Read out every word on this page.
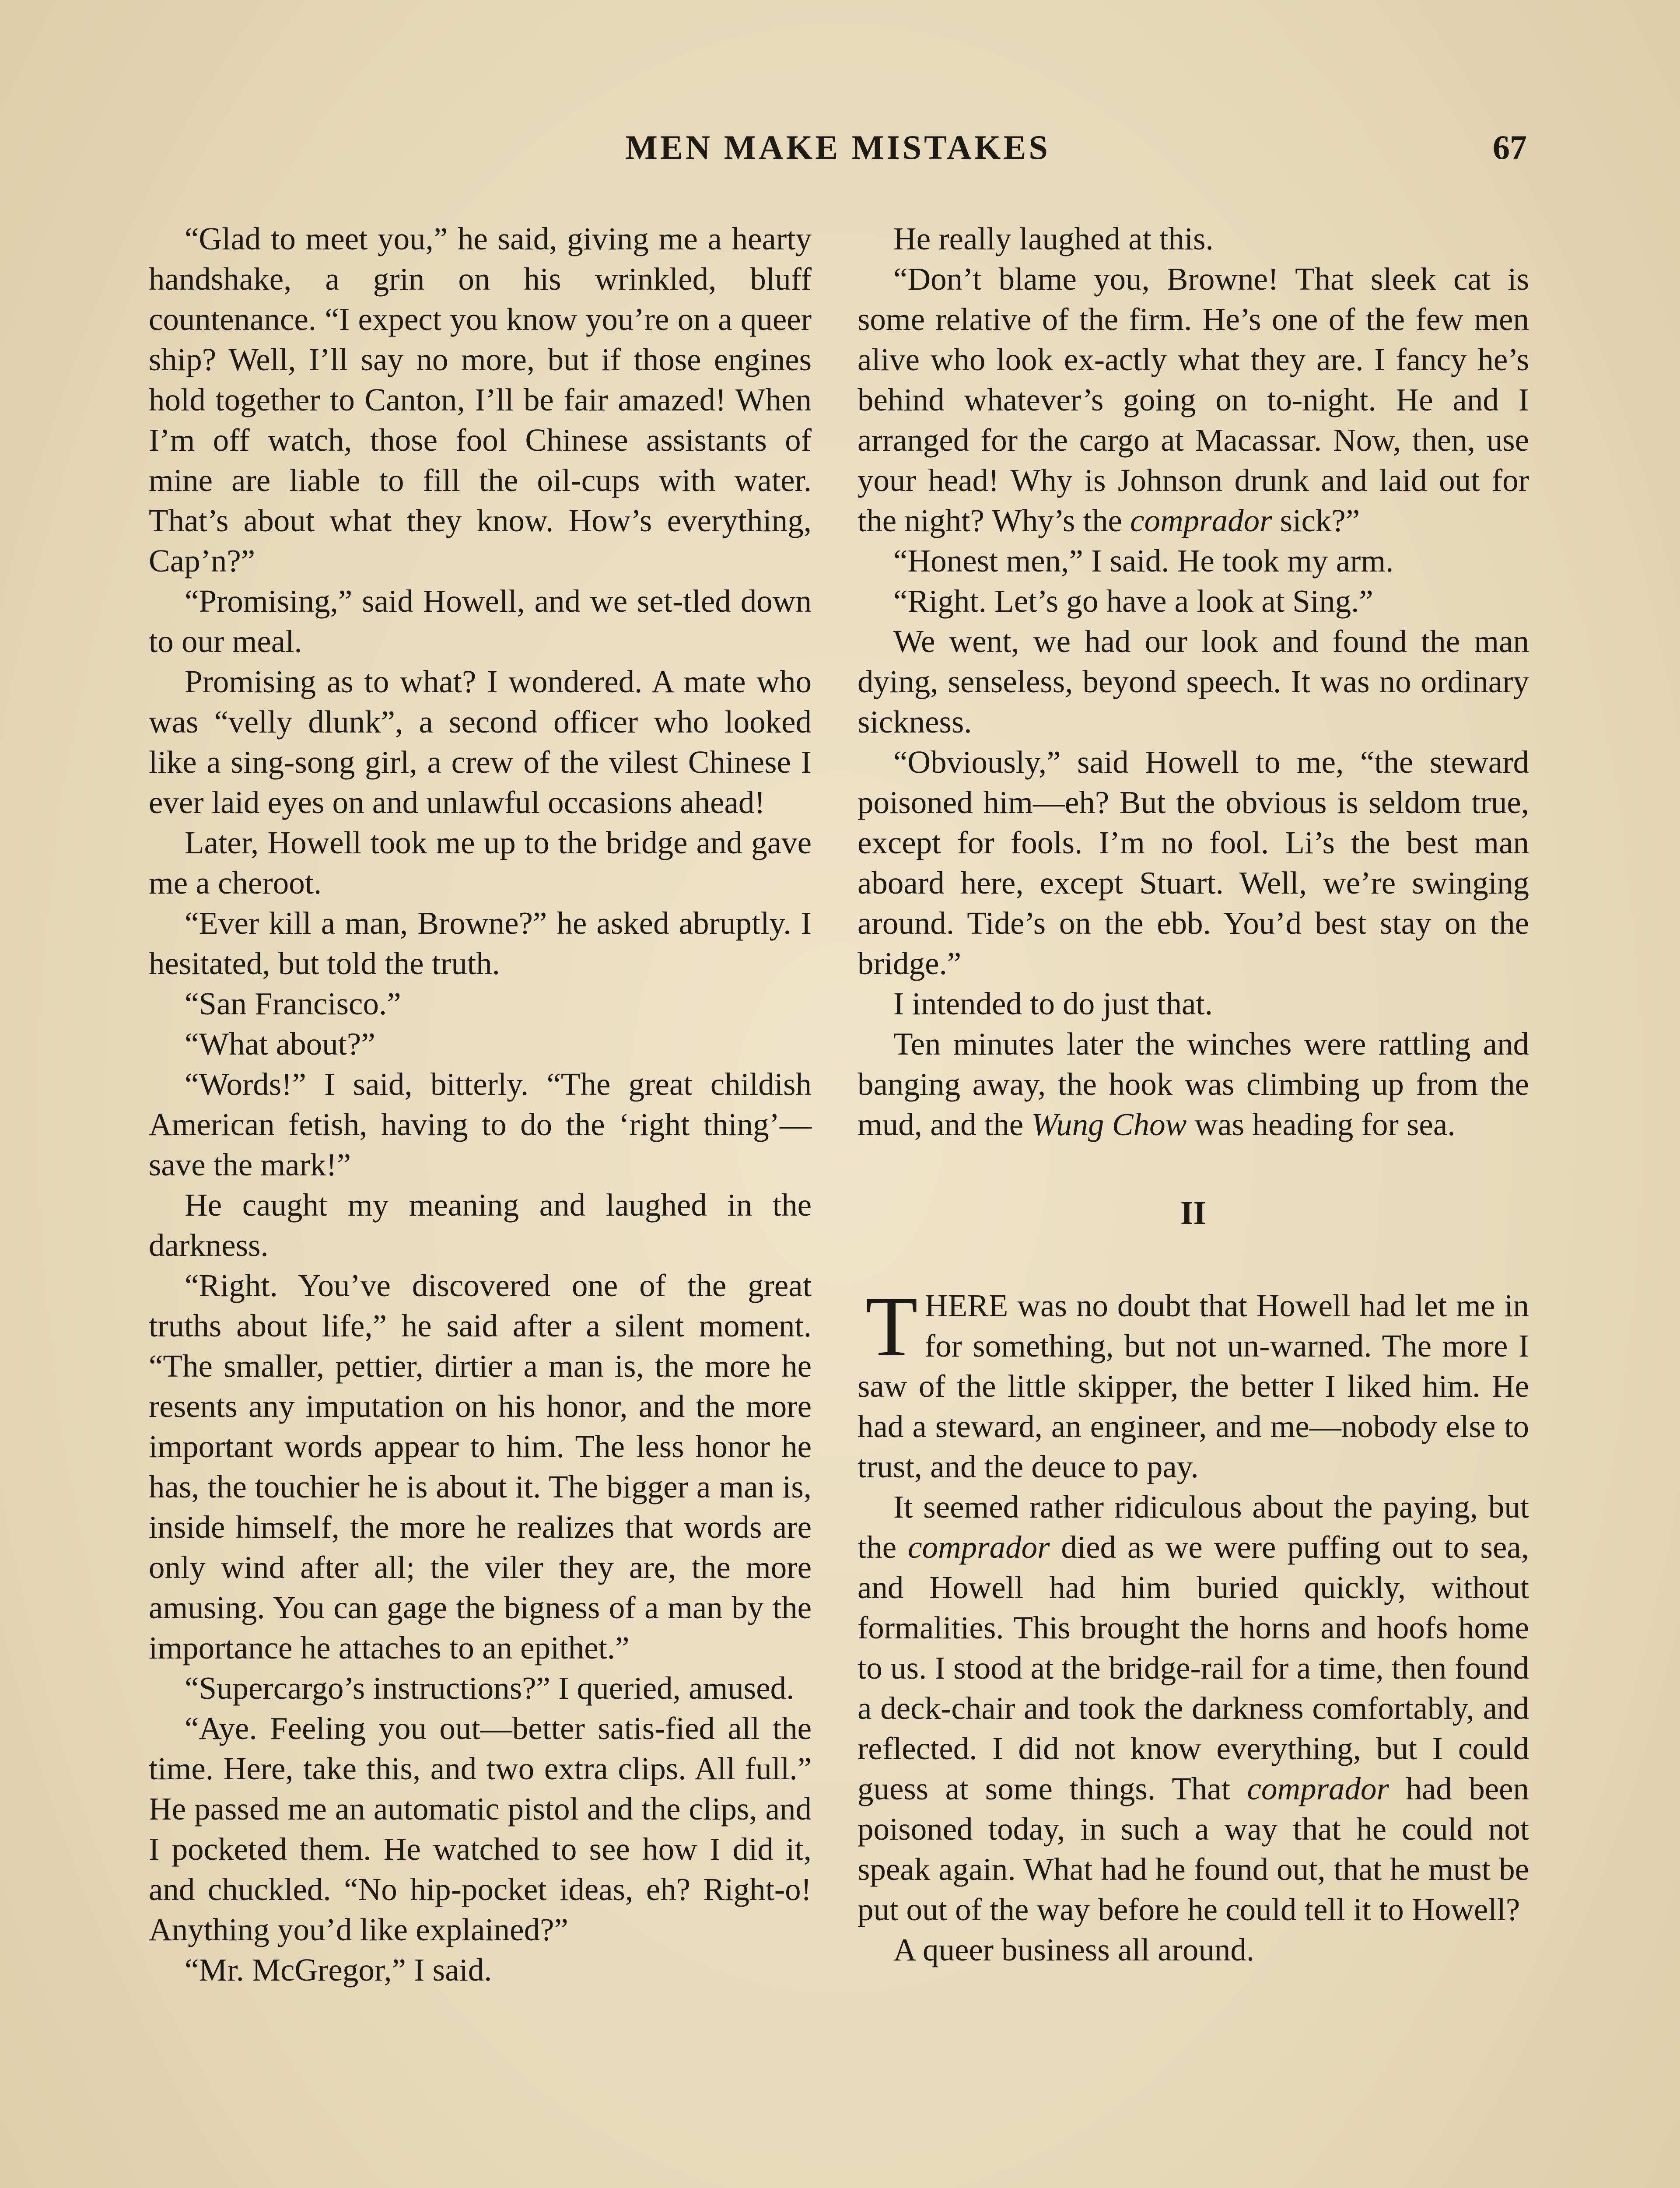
MEN MAKE MISTAKES	67

“Glad to meet you,” he said, giving me a hearty handshake, a grin on his wrinkled, bluff countenance. “I expect you know you’re on a queer ship? Well, I’ll say no more, but if those engines hold together to Canton, I’ll be fair amazed! When I’m off watch, those fool Chinese assistants of mine are liable to fill the oil-cups with water. That’s about what they know. How’s everything, Cap’n?”

“Promising,” said Howell, and we set-tled down to our meal.

Promising as to what? I wondered. A mate who was “velly dlunk”, a second officer who looked like a sing-song girl, a crew of the vilest Chinese I ever laid eyes on and unlawful occasions ahead!

Later, Howell took me up to the bridge and gave me a cheroot.

“Ever kill a man, Browne?” he asked abruptly. I hesitated, but told the truth.

“San Francisco.”

“What about?”

“Words!” I said, bitterly. “The great childish American fetish, having to do the ‘right thing’—save the mark!”

He caught my meaning and laughed in the darkness.

“Right. You’ve discovered one of the great truths about life,” he said after a silent moment. “The smaller, pettier, dirtier a man is, the more he resents any imputation on his honor, and the more important words appear to him. The less honor he has, the touchier he is about it. The bigger a man is, inside himself, the more he realizes that words are only wind after all; the viler they are, the more amusing. You can gage the bigness of a man by the importance he attaches to an epithet.”

“Supercargo’s instructions?” I queried, amused.

“Aye. Feeling you out—better satis-fied all the time. Here, take this, and two extra clips. All full.” He passed me an automatic pistol and the clips, and I pocketed them. He watched to see how I did it, and chuckled. “No hip-pocket ideas, eh? Right-o! Anything you’d like explained?”

“Mr. McGregor,” I said.

He really laughed at this.

“Don’t blame you, Browne! That sleek cat is some relative of the firm. He’s one of the few men alive who look ex-actly what they are. I fancy he’s behind whatever’s going on to-night. He and I arranged for the cargo at Macassar. Now, then, use your head! Why is Johnson drunk and laid out for the night? Why’s the comprador sick?”

“Honest men,” I said. He took my arm.

“Right. Let’s go have a look at Sing.”

We went, we had our look and found the man dying, senseless, beyond speech. It was no ordinary sickness.

“Obviously,” said Howell to me, “the steward poisoned him—eh? But the obvious is seldom true, except for fools. I’m no fool. Li’s the best man aboard here, except Stuart. Well, we’re swinging around. Tide’s on the ebb. You’d best stay on the bridge.”

I intended to do just that.

Ten minutes later the winches were rattling and banging away, the hook was climbing up from the mud, and the Wung Chow was heading for sea.

II

THERE was no doubt that Howell had let me in for something, but not un-warned. The more I saw of the little skipper, the better I liked him. He had a steward, an engineer, and me—nobody else to trust, and the deuce to pay.

It seemed rather ridiculous about the paying, but the comprador died as we were puffing out to sea, and Howell had him buried quickly, without formalities. This brought the horns and hoofs home to us. I stood at the bridge-rail for a time, then found a deck-chair and took the darkness comfortably, and reflected. I did not know everything, but I could guess at some things. That comprador had been poisoned today, in such a way that he could not speak again. What had he found out, that he must be put out of the way before he could tell it to Howell?

A queer business all around.
